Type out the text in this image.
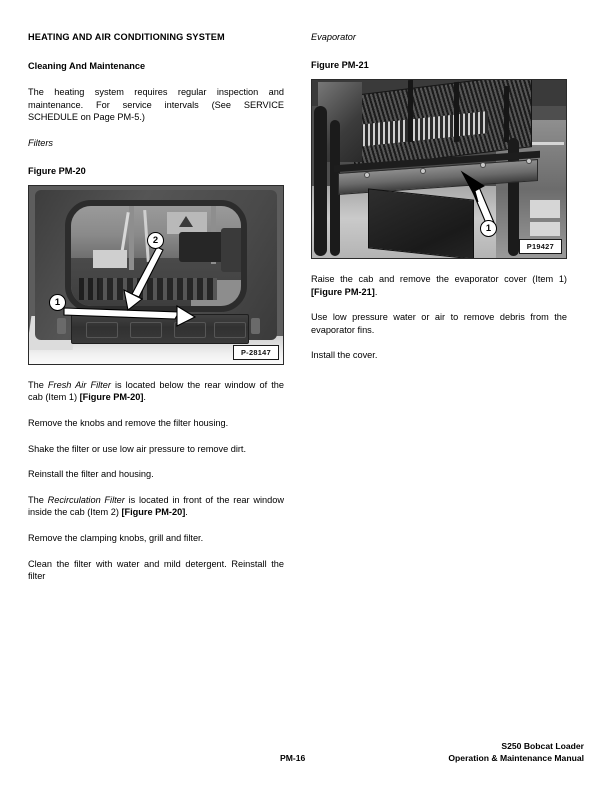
HEATING AND AIR CONDITIONING SYSTEM
Cleaning And Maintenance

The heating system requires regular inspection and maintenance. For service intervals (See SERVICE SCHEDULE on Page PM-5.)

Filters
Figure PM-20
1
2
P-28147

The Fresh Air Filter is located below the rear window of the cab (Item 1) [Figure PM-20].

Remove the knobs and remove the filter housing.

Shake the filter or use low air pressure to remove dirt.

Reinstall the filter and housing.

The Recirculation Filter is located in front of the rear window inside the cab (Item 2) [Figure PM-20].

Remove the clamping knobs, grill and filter.

Clean the filter with water and mild detergent. Reinstall the filter

Evaporator
Figure PM-21
1
P19427

Raise the cab and remove the evaporator cover (Item 1) [Figure PM-21].

Use low pressure water or air to remove debris from the evaporator fins.

Install the cover.

PM-16
S250 Bobcat Loader
Operation & Maintenance Manual
